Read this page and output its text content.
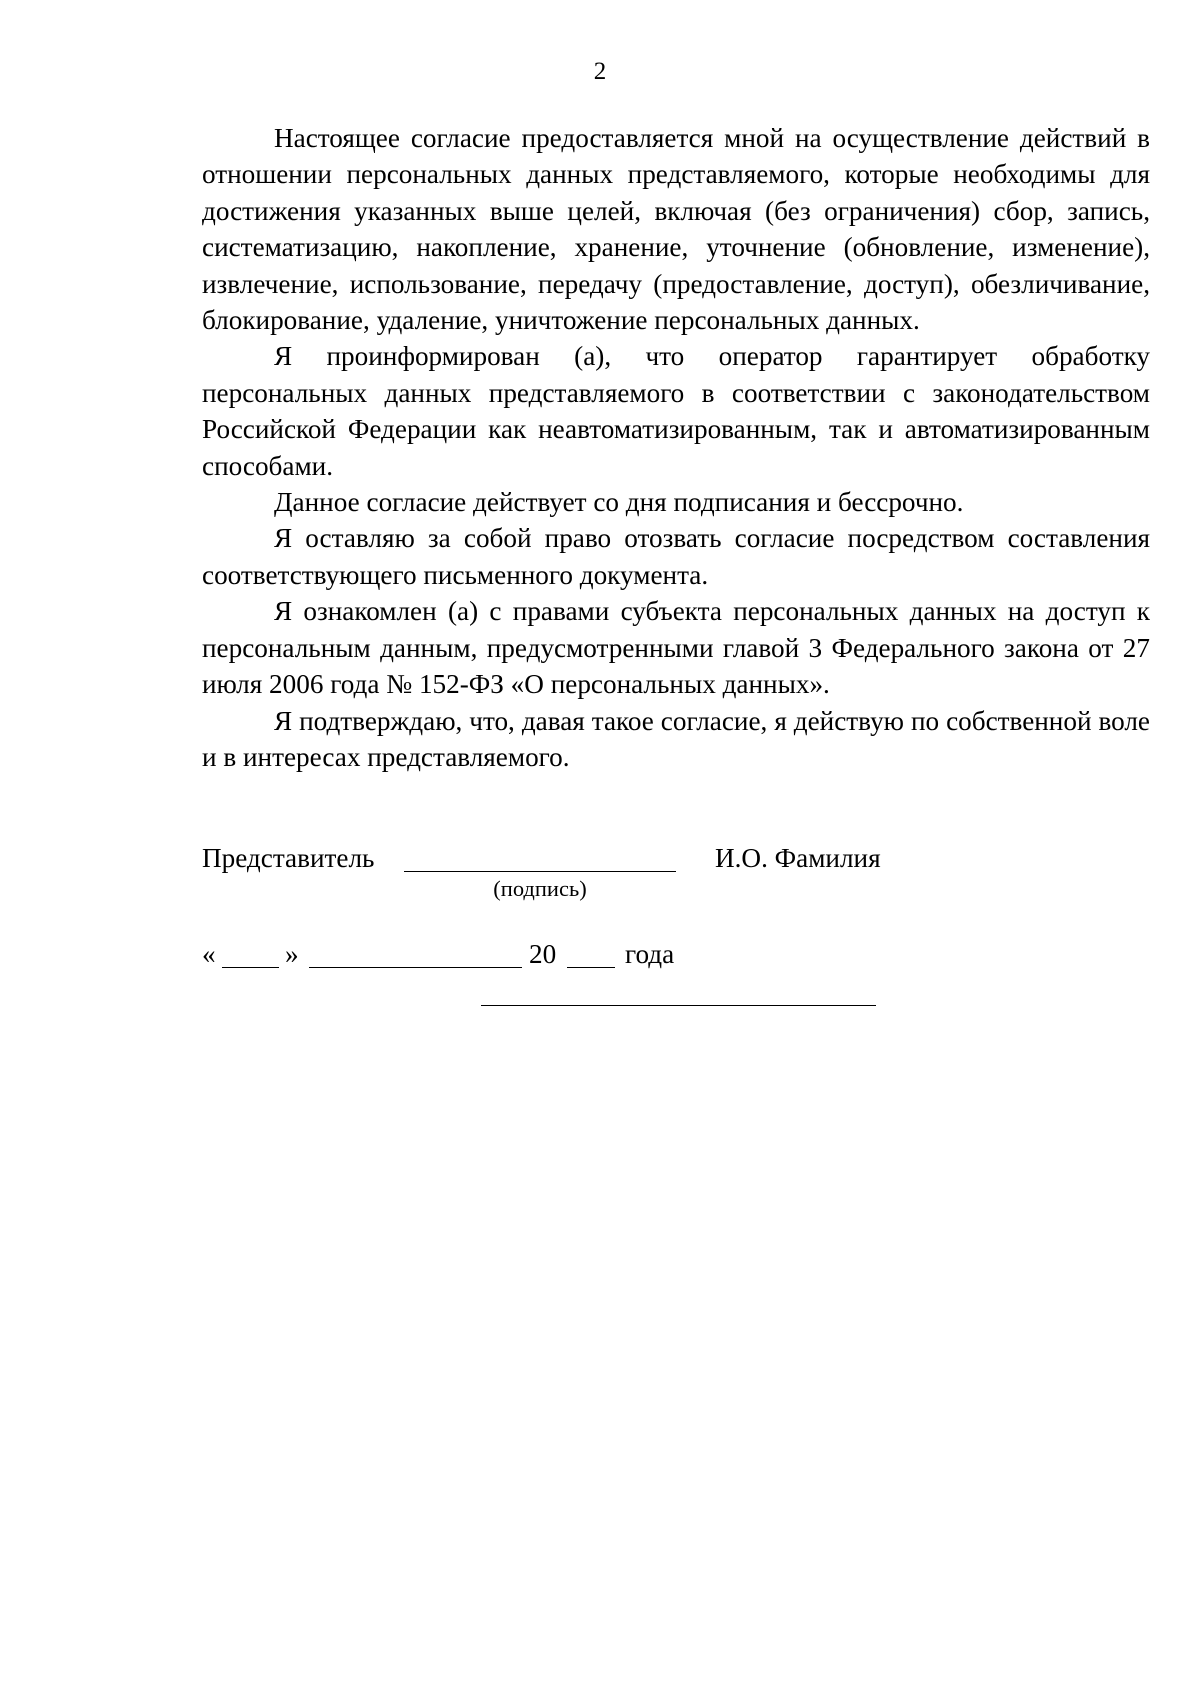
2

Настоящее согласие предоставляется мной на осуществление действий в отношении персональных данных представляемого, которые необходимы для достижения указанных выше целей, включая (без ограничения) сбор, запись, систематизацию, накопление, хранение, уточнение (обновление, изменение), извлечение, использование, передачу (предоставление, доступ), обезличивание, блокирование, удаление, уничтожение персональных данных.

Я проинформирован (а), что оператор гарантирует обработку персональных данных представляемого в соответствии с законодательством Российской Федерации как неавтоматизированным, так и автоматизированным способами.

Данное согласие действует со дня подписания и бессрочно.

Я оставляю за собой право отозвать согласие посредством составления соответствующего письменного документа.

Я ознакомлен (а) с правами субъекта персональных данных на доступ к персональным данным, предусмотренными главой 3 Федерального закона от 27 июля 2006 года № 152-ФЗ «О персональных данных».

Я подтверждаю, что, давая такое согласие, я действую по собственной воле и в интересах представляемого.

Представитель
(подпись)
И.О. Фамилия
«	»	20	года
